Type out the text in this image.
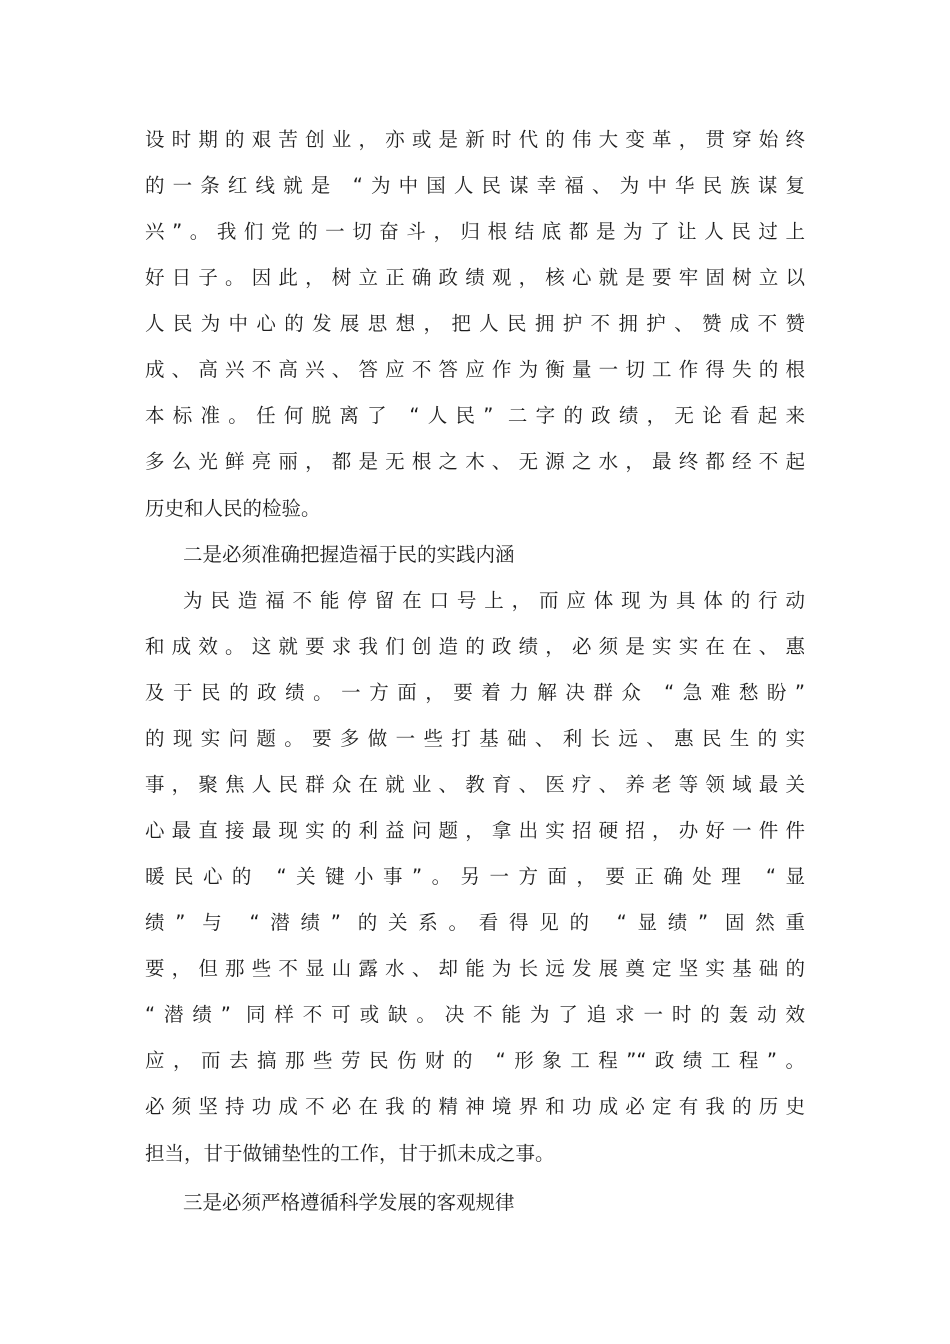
设时期的艰苦创业，亦或是新时代的伟大变革，贯穿始终
的一条红线就是 “为中国人民谋幸福、为中华民族谋复
兴”。我们党的一切奋斗，归根结底都是为了让人民过上
好日子。因此，树立正确政绩观，核心就是要牢固树立以
人民为中心的发展思想，把人民拥护不拥护、赞成不赞
成、高兴不高兴、答应不答应作为衡量一切工作得失的根
本标准。任何脱离了 “人民” 二字的政绩，无论看起来
多么光鲜亮丽，都是无根之木、无源之水，最终都经不起
历史和人民的检验。
二是必须准确把握造福于民的实践内涵
为民造福不能停留在口号上，而应体现为具体的行动
和成效。这就要求我们创造的政绩，必须是实实在在、惠
及于民的政绩。一方面，要着力解决群众 “急难愁盼”
的现实问题。要多做一些打基础、利长远、惠民生的实
事，聚焦人民群众在就业、教育、医疗、养老等领域最关
心最直接最现实的利益问题，拿出实招硬招，办好一件件
暖民心的 “关键小事”。另一方面，要正确处理 “显
绩” 与 “潜绩” 的关系。看得见的 “显绩” 固然重
要，但那些不显山露水、却能为长远发展奠定坚实基础的
“潜绩” 同样不可或缺。决不能为了追求一时的轰动效
应，而去搞那些劳民伤财的 “形象工程”“政绩工程”。
必须坚持功成不必在我的精神境界和功成必定有我的历史
担当，甘于做铺垫性的工作，甘于抓未成之事。
三是必须严格遵循科学发展的客观规律
